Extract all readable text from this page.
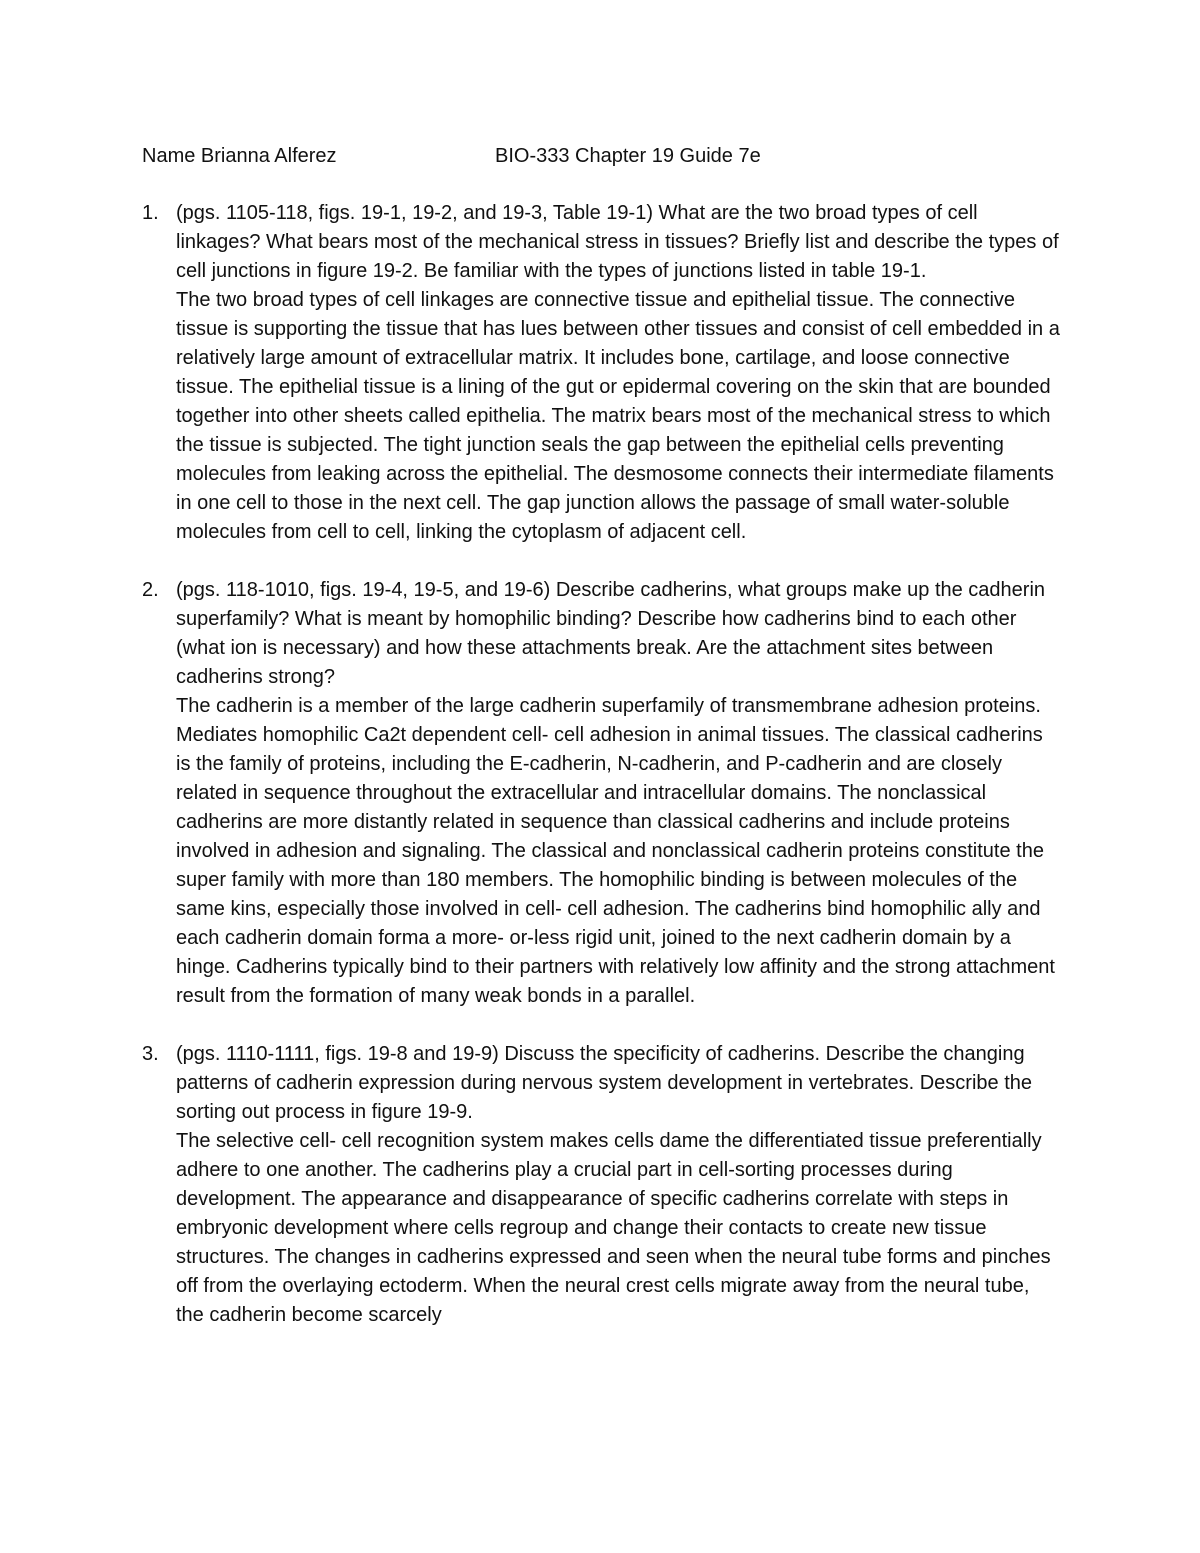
Name Brianna Alferez	BIO-333 Chapter 19 Guide 7e
1. (pgs. 1105-118, figs. 19-1, 19-2, and 19-3, Table 19-1) What are the two broad types of cell linkages? What bears most of the mechanical stress in tissues? Briefly list and describe the types of cell junctions in figure 19-2. Be familiar with the types of junctions listed in table 19-1.

The two broad types of cell linkages are connective tissue and epithelial tissue. The connective tissue is supporting the tissue that has lues between other tissues and consist of cell embedded in a relatively large amount of extracellular matrix. It includes bone, cartilage, and loose connective tissue. The epithelial tissue is a lining of the gut or epidermal covering on the skin that are bounded together into other sheets called epithelia. The matrix bears most of the mechanical stress to which the tissue is subjected. The tight junction seals the gap between the epithelial cells preventing molecules from leaking across the epithelial. The desmosome connects their intermediate filaments in one cell to those in the next cell. The gap junction allows the passage of small water-soluble molecules from cell to cell, linking the cytoplasm of adjacent cell.

2. (pgs. 118-1010, figs. 19-4, 19-5, and 19-6) Describe cadherins, what groups make up the cadherin superfamily? What is meant by homophilic binding? Describe how cadherins bind to each other (what ion is necessary) and how these attachments break. Are the attachment sites between cadherins strong?

The cadherin is a member of the large cadherin superfamily of transmembrane adhesion proteins. Mediates homophilic Ca2t dependent cell- cell adhesion in animal tissues. The classical cadherins is the family of proteins, including the E-cadherin, N-cadherin, and P-cadherin and are closely related in sequence throughout the extracellular and intracellular domains. The nonclassical cadherins are more distantly related in sequence than classical cadherins and include proteins involved in adhesion and signaling. The classical and nonclassical cadherin proteins constitute the super family with more than 180 members. The homophilic binding is between molecules of the same kins, especially those involved in cell- cell adhesion. The cadherins bind homophilic ally and each cadherin domain forma a more- or-less rigid unit, joined to the next cadherin domain by a hinge. Cadherins typically bind to their partners with relatively low affinity and the strong attachment result from the formation of many weak bonds in a parallel.

3. (pgs. 1110-1111, figs. 19-8 and 19-9) Discuss the specificity of cadherins. Describe the changing patterns of cadherin expression during nervous system development in vertebrates. Describe the sorting out process in figure 19-9.

The selective cell- cell recognition system makes cells dame the differentiated tissue preferentially adhere to one another. The cadherins play a crucial part in cell-sorting processes during development. The appearance and disappearance of specific cadherins correlate with steps in embryonic development where cells regroup and change their contacts to create new tissue structures. The changes in cadherins expressed and seen when the neural tube forms and pinches off from the overlaying ectoderm. When the neural crest cells migrate away from the neural tube, the cadherin become scarcely
